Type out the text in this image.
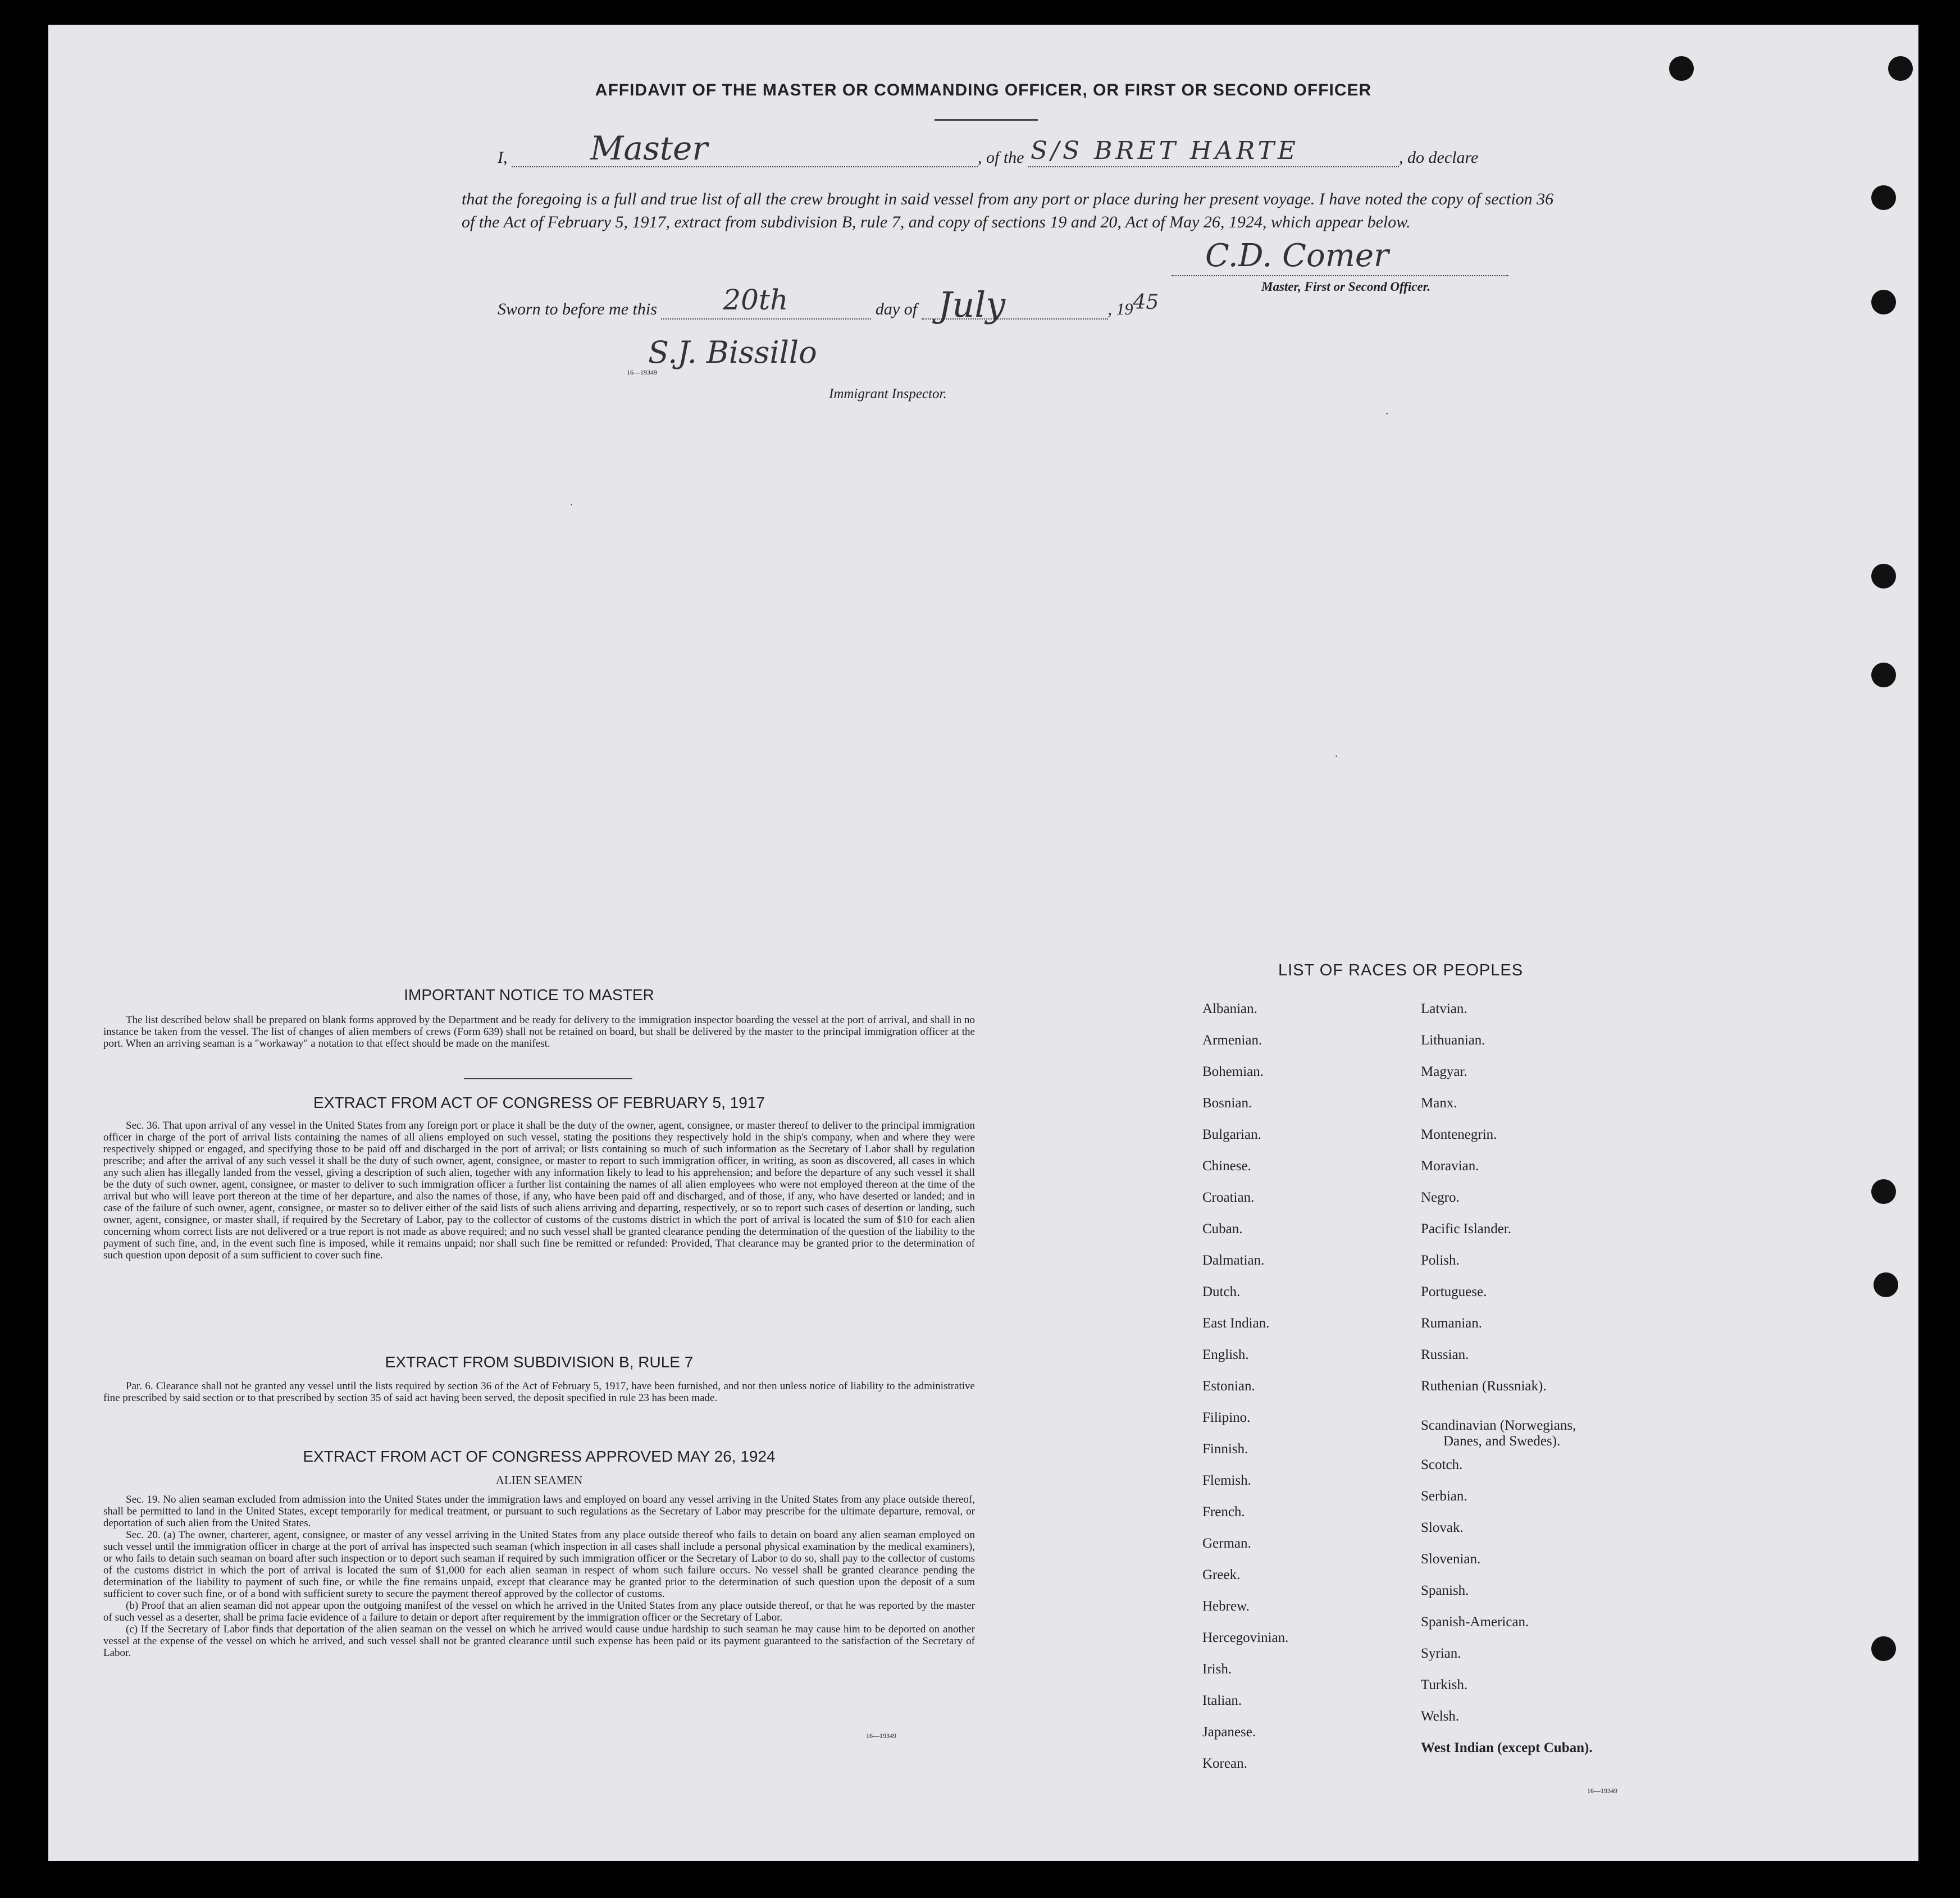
AFFIDAVIT OF THE MASTER OR COMMANDING OFFICER, OR FIRST OR SECOND OFFICER
I,	Master	, of the S/S BRET HARTE	, do declare
that the foregoing is a full and true list of all the crew brought in said vessel from any port or place during her present voyage. I have noted the copy of section 36 of the Act of February 5, 1917, extract from subdivision B, rule 7, and copy of sections 19 and 20, Act of May 26, 1924, which appear below.
C.D. Comer
Master, First or Second Officer.
Sworn to before me this 20th	day of July	, 1945
S.J. Bissillo
16—19349
Immigrant Inspector.
·
·
·
IMPORTANT NOTICE TO MASTER

The list described below shall be prepared on blank forms approved by the Department and be ready for delivery to the immigration inspector boarding the vessel at the port of arrival, and shall in no instance be taken from the vessel. The list of changes of alien members of crews (Form 639) shall not be retained on board, but shall be delivered by the master to the principal immigration officer at the port. When an arriving seaman is a "workaway" a notation to that effect should be made on the manifest.

EXTRACT FROM ACT OF CONGRESS OF FEBRUARY 5, 1917

Sec. 36. That upon arrival of any vessel in the United States from any foreign port or place it shall be the duty of the owner, agent, consignee, or master thereof to deliver to the principal immigration officer in charge of the port of arrival lists containing the names of all aliens employed on such vessel, stating the positions they respectively hold in the ship's company, when and where they were respectively shipped or engaged, and specifying those to be paid off and discharged in the port of arrival; or lists containing so much of such information as the Secretary of Labor shall by regulation prescribe; and after the arrival of any such vessel it shall be the duty of such owner, agent, consignee, or master to report to such immigration officer, in writing, as soon as discovered, all cases in which any such alien has illegally landed from the vessel, giving a description of such alien, together with any information likely to lead to his apprehension; and before the departure of any such vessel it shall be the duty of such owner, agent, consignee, or master to deliver to such immigration officer a further list containing the names of all alien employees who were not employed thereon at the time of the arrival but who will leave port thereon at the time of her departure, and also the names of those, if any, who have been paid off and discharged, and of those, if any, who have deserted or landed; and in case of the failure of such owner, agent, consignee, or master so to deliver either of the said lists of such aliens arriving and departing, respectively, or so to report such cases of desertion or landing, such owner, agent, consignee, or master shall, if required by the Secretary of Labor, pay to the collector of customs of the customs district in which the port of arrival is located the sum of $10 for each alien concerning whom correct lists are not delivered or a true report is not made as above required; and no such vessel shall be granted clearance pending the determination of the question of the liability to the payment of such fine, and, in the event such fine is imposed, while it remains unpaid; nor shall such fine be remitted or refunded: Provided, That clearance may be granted prior to the determination of such question upon deposit of a sum sufficient to cover such fine.

EXTRACT FROM SUBDIVISION B, RULE 7

Par. 6. Clearance shall not be granted any vessel until the lists required by section 36 of the Act of February 5, 1917, have been furnished, and not then unless notice of liability to the administrative fine prescribed by said section or to that prescribed by section 35 of said act having been served, the deposit specified in rule 23 has been made.

EXTRACT FROM ACT OF CONGRESS APPROVED MAY 26, 1924
ALIEN SEAMEN

Sec. 19. No alien seaman excluded from admission into the United States under the immigration laws and employed on board any vessel arriving in the United States from any place outside thereof, shall be permitted to land in the United States, except temporarily for medical treatment, or pursuant to such regulations as the Secretary of Labor may prescribe for the ultimate departure, removal, or deportation of such alien from the United States.

Sec. 20. (a) The owner, charterer, agent, consignee, or master of any vessel arriving in the United States from any place outside thereof who fails to detain on board any alien seaman employed on such vessel until the immigration officer in charge at the port of arrival has inspected such seaman (which inspection in all cases shall include a personal physical examination by the medical examiners), or who fails to detain such seaman on board after such inspection or to deport such seaman if required by such immigration officer or the Secretary of Labor to do so, shall pay to the collector of customs of the customs district in which the port of arrival is located the sum of $1,000 for each alien seaman in respect of whom such failure occurs. No vessel shall be granted clearance pending the determination of the liability to payment of such fine, or while the fine remains unpaid, except that clearance may be granted prior to the determination of such question upon the deposit of a sum sufficient to cover such fine, or of a bond with sufficient surety to secure the payment thereof approved by the collector of customs.

(b) Proof that an alien seaman did not appear upon the outgoing manifest of the vessel on which he arrived in the United States from any place outside thereof, or that he was reported by the master of such vessel as a deserter, shall be prima facie evidence of a failure to detain or deport after requirement by the immigration officer or the Secretary of Labor.

(c) If the Secretary of Labor finds that deportation of the alien seaman on the vessel on which he arrived would cause undue hardship to such seaman he may cause him to be deported on another vessel at the expense of the vessel on which he arrived, and such vessel shall not be granted clearance until such expense has been paid or its payment guaranteed to the satisfaction of the Secretary of Labor.

16—19349
LIST OF RACES OR PEOPLES
Albanian.
Armenian.
Bohemian.
Bosnian.
Bulgarian.
Chinese.
Croatian.
Cuban.
Dalmatian.
Dutch.
East Indian.
English.
Estonian.
Filipino.
Finnish.
Flemish.
French.
German.
Greek.
Hebrew.
Hercegovinian.
Irish.
Italian.
Japanese.
Korean.
Latvian.
Lithuanian.
Magyar.
Manx.
Montenegrin.
Moravian.
Negro.
Pacific Islander.
Polish.
Portuguese.
Rumanian.
Russian.
Ruthenian (Russniak).
Scandinavian (Norwegians,
Danes, and Swedes).
Scotch.
Serbian.
Slovak.
Slovenian.
Spanish.
Spanish-American.
Syrian.
Turkish.
Welsh.
West Indian (except Cuban).
16—19349
